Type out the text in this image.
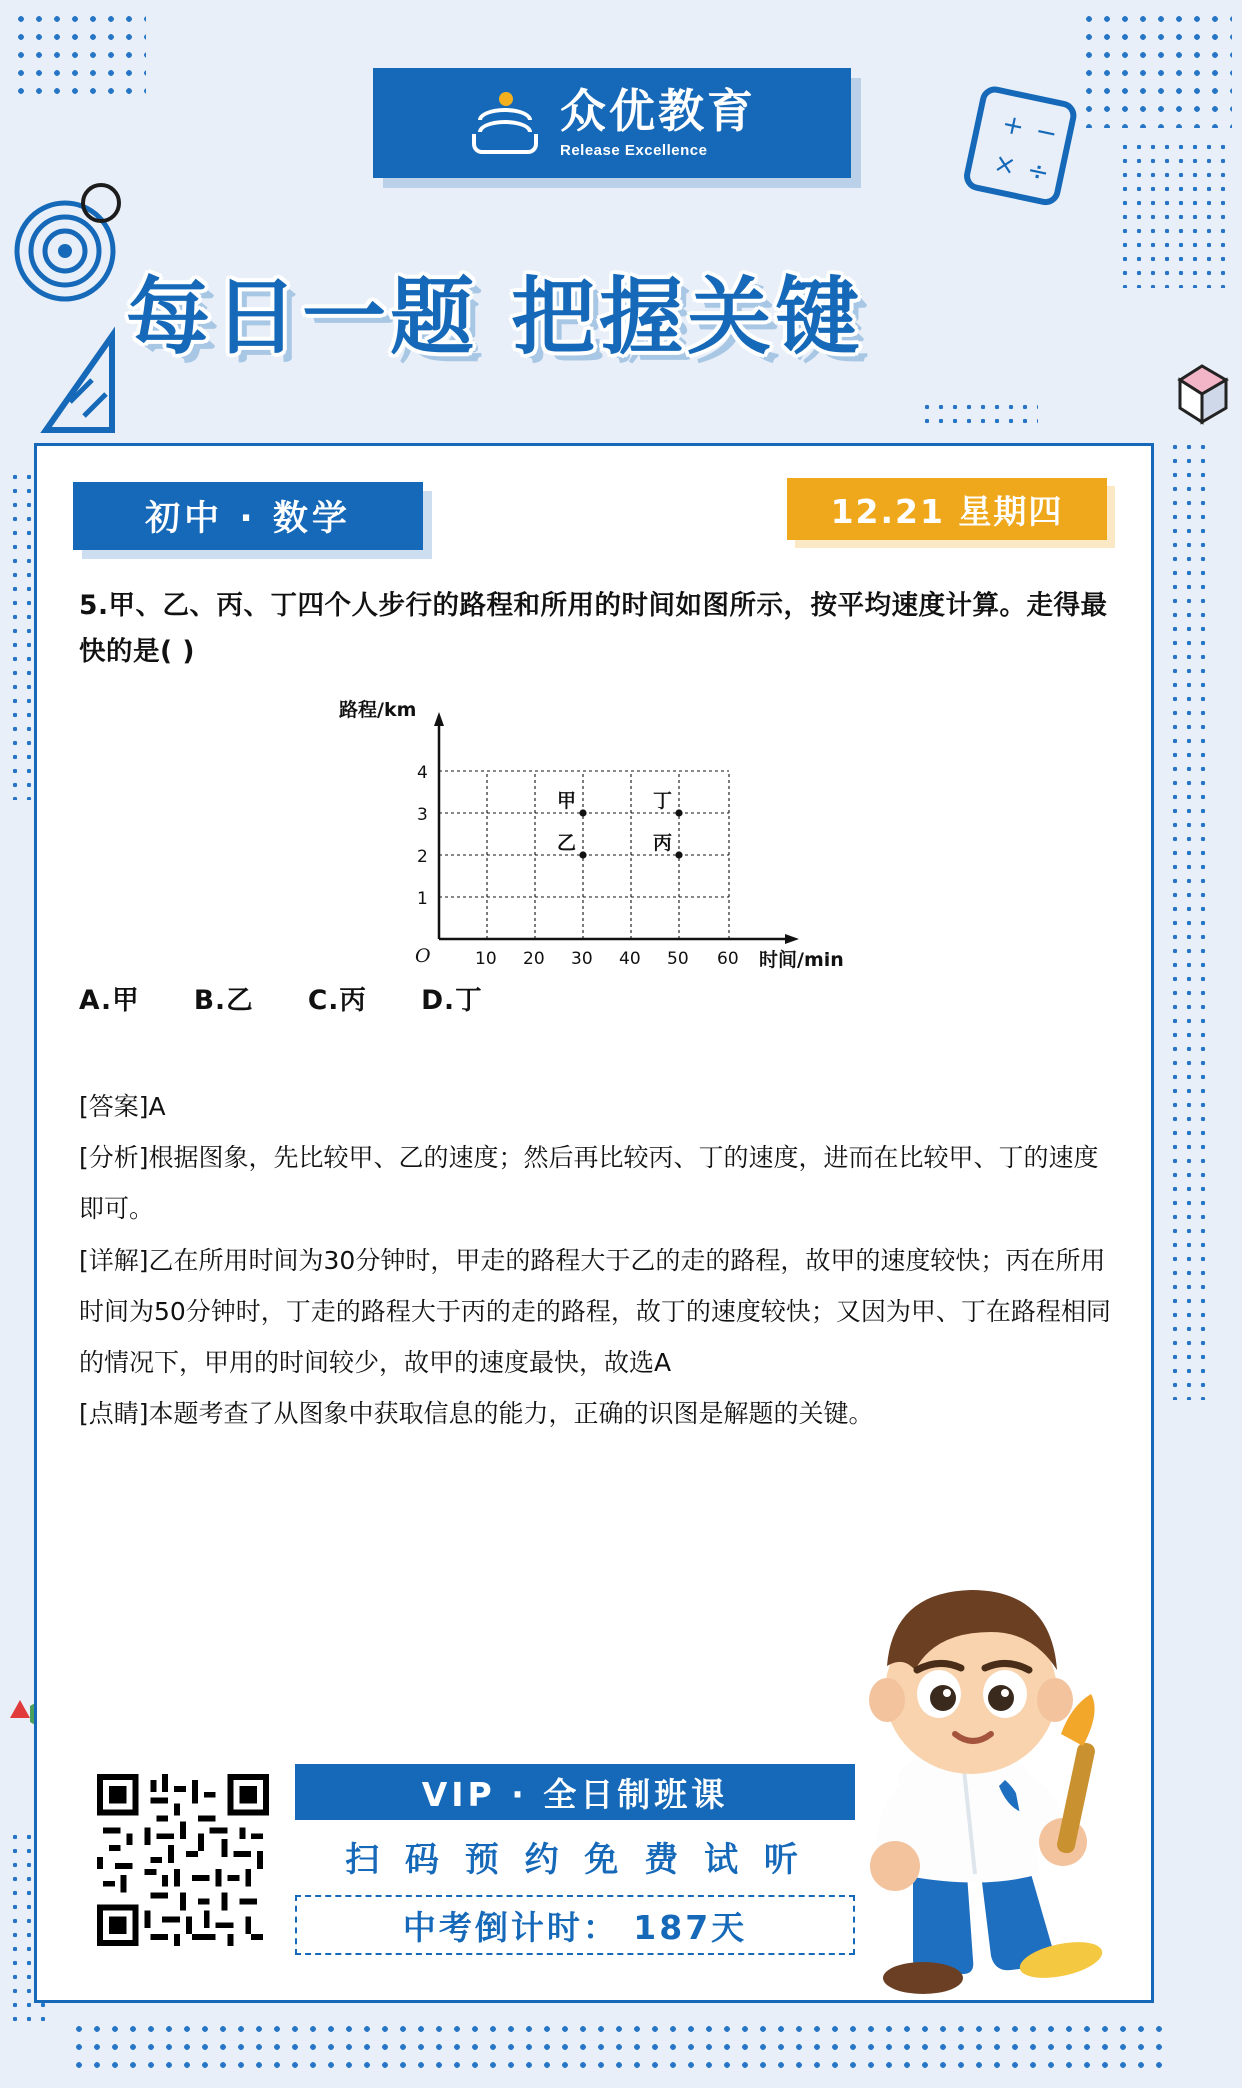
+ −
× ÷
众优教育
Release Excellence
每日一题 把握关键
初中 · 数学	12.21 星期四
5.甲、乙、丙、丁四个人步行的路程和所用的时间如图所示，按平均速度计算。走得最快的是( )
路程/km
4
3
2
1
O	10 20 30 40 50 60 时间/min
甲	丁
乙	丙
A.甲 B.乙 C.丙 D.丁

[答案]A

[分析]根据图象，先比较甲、乙的速度；然后再比较丙、丁的速度，进而在比较甲、丁的速度即可。

[详解]乙在所用时间为30分钟时，甲走的路程大于乙的走的路程，故甲的速度较快；丙在所用时间为50分钟时，丁走的路程大于丙的走的路程，故丁的速度较快；又因为甲、丁在路程相同的情况下，甲用的时间较少，故甲的速度最快，故选A

[点睛]本题考查了从图象中获取信息的能力，正确的识图是解题的关键。

VIP · 全日制班课
扫 码 预 约 免 费 试 听
中考倒计时： 187天
